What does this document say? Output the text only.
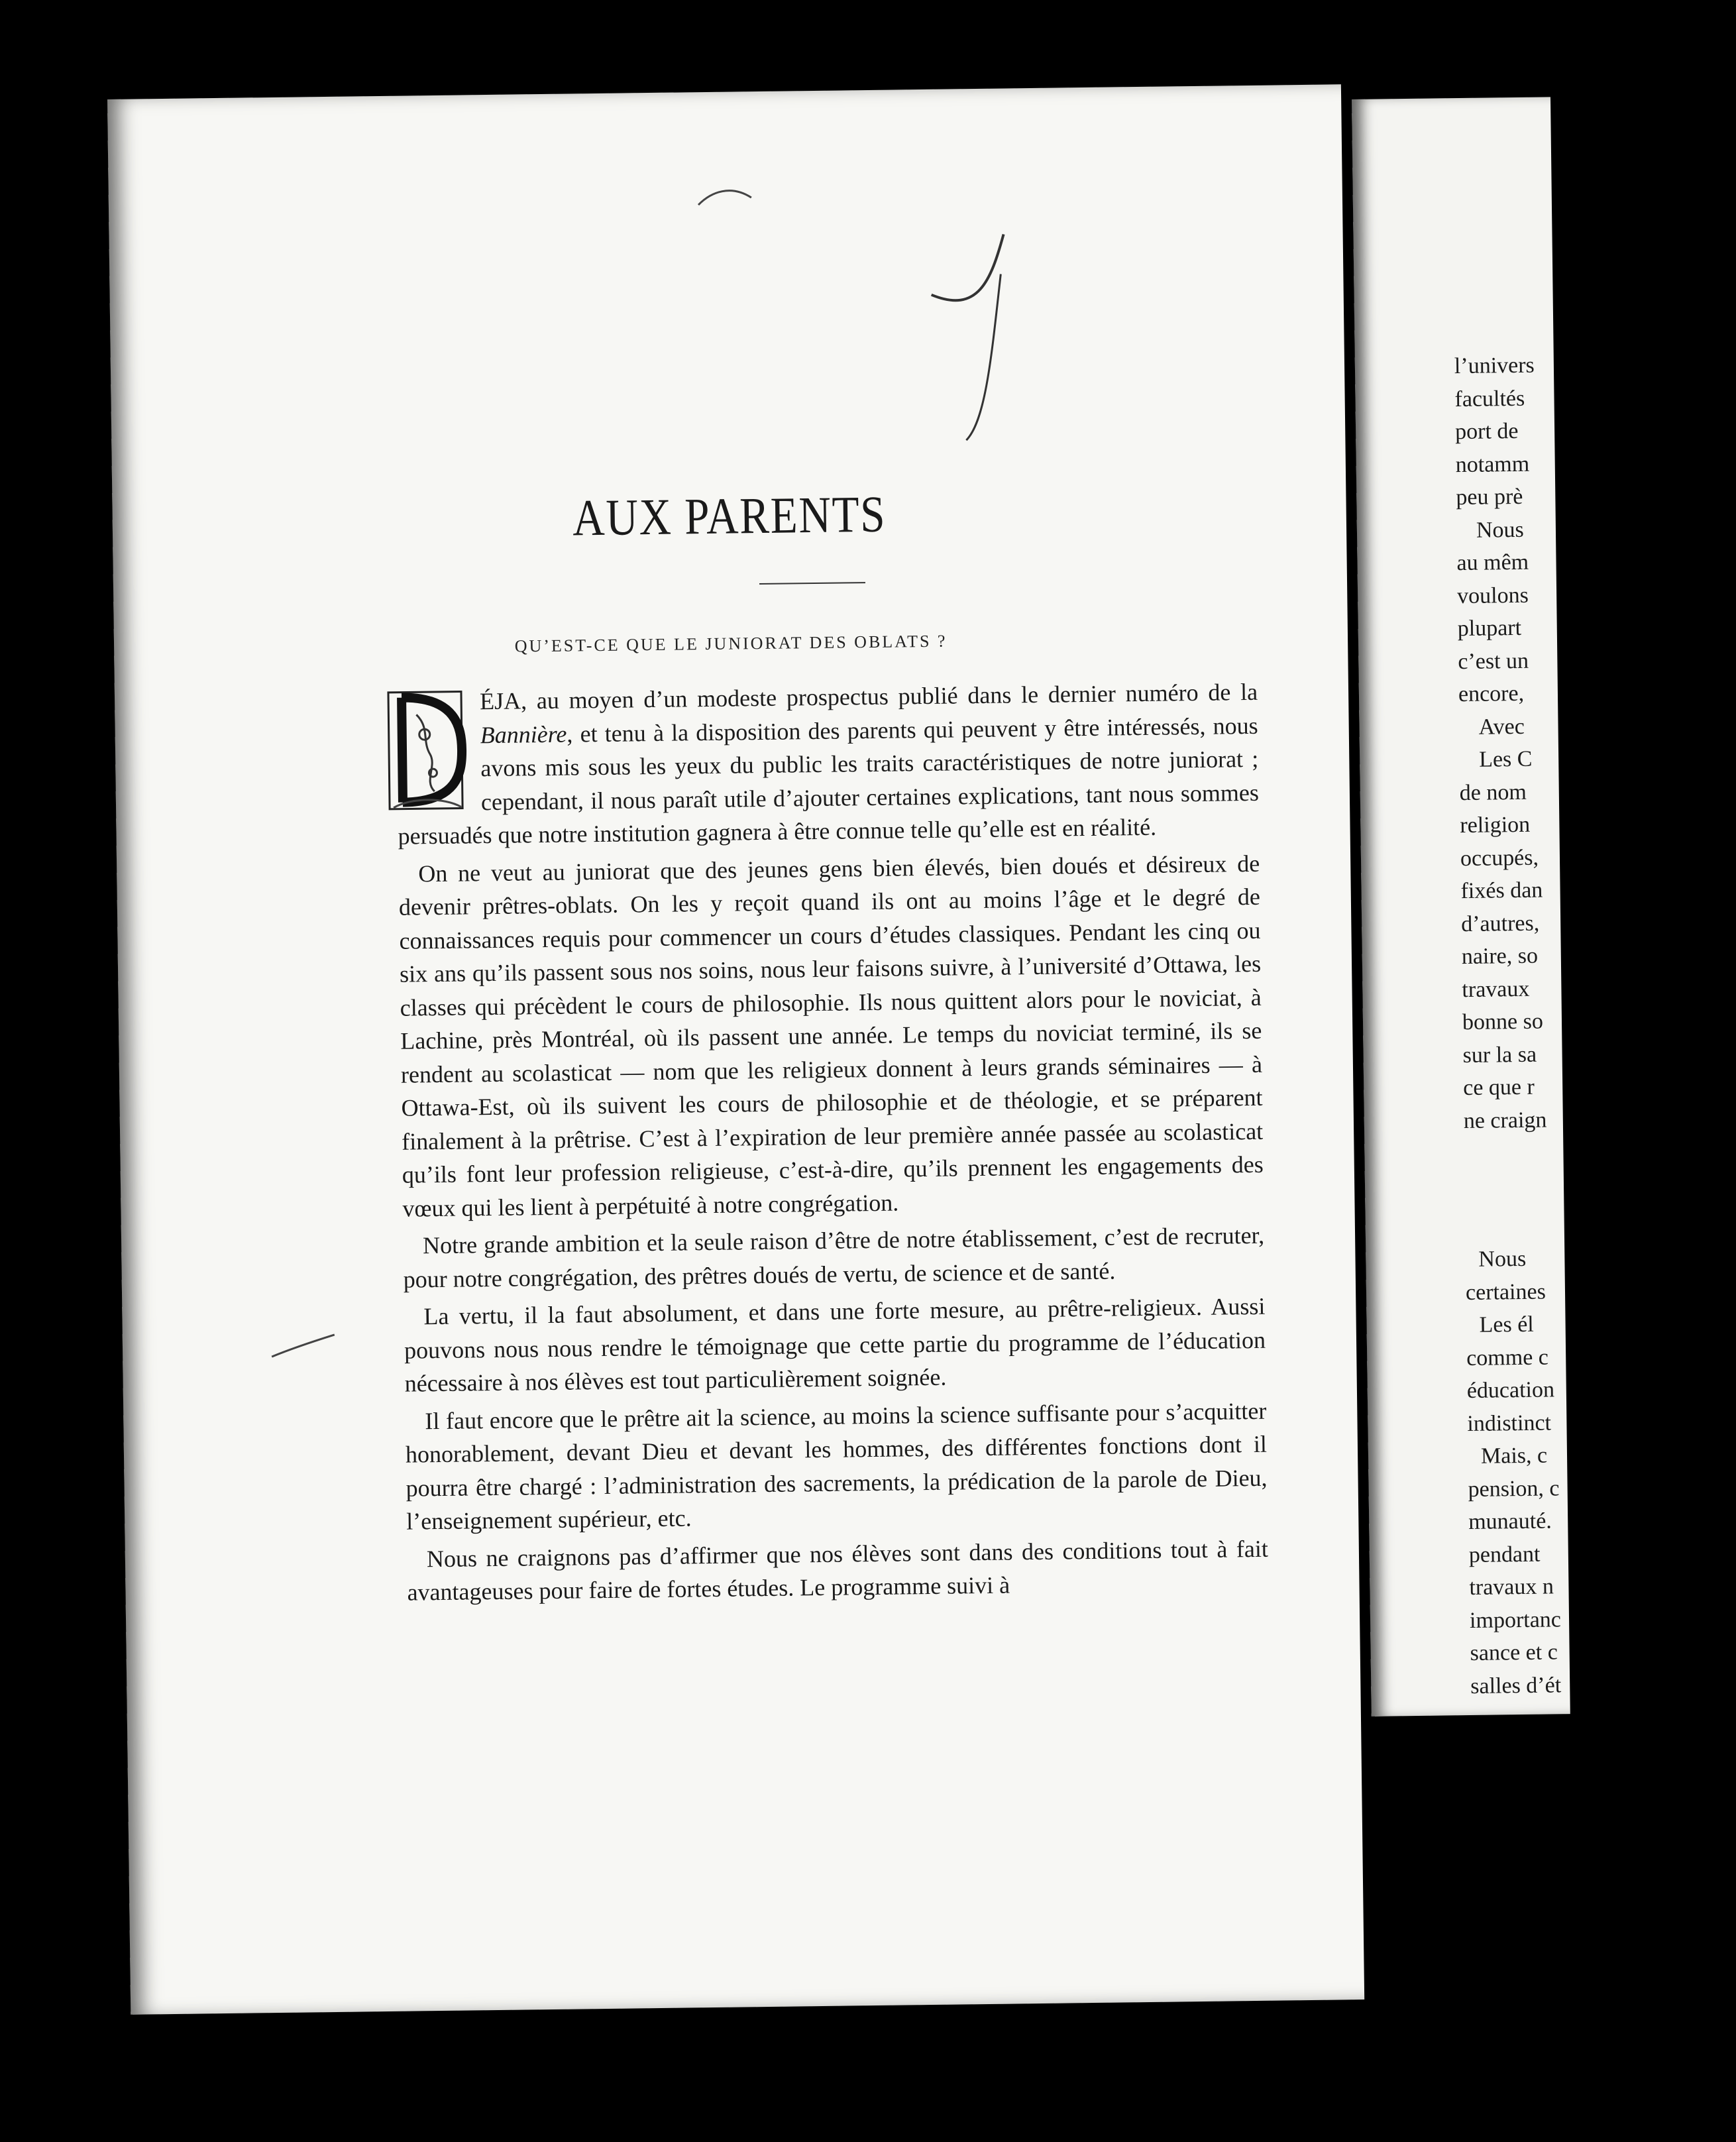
AUX PARENTS
QU’EST-CE QUE LE JUNIORAT DES OBLATS ?

ÉJA, au moyen d’un modeste prospectus publié dans le dernier numéro de la Bannière, et tenu à la disposition des parents qui peuvent y être intéressés, nous avons mis sous les yeux du public les traits caractéristiques de notre juniorat ; cependant, il nous paraît utile d’ajouter certaines explications, tant nous sommes persuadés que notre institution gagnera à être connue telle qu’elle est en réalité.

On ne veut au juniorat que des jeunes gens bien élevés, bien doués et désireux de devenir prêtres-oblats. On les y reçoit quand ils ont au moins l’âge et le degré de connaissances requis pour commencer un cours d’études classiques. Pendant les cinq ou six ans qu’ils passent sous nos soins, nous leur faisons suivre, à l’université d’Ottawa, les classes qui précèdent le cours de philosophie. Ils nous quittent alors pour le noviciat, à Lachine, près Montréal, où ils passent une année. Le temps du noviciat terminé, ils se rendent au scolasticat — nom que les religieux donnent à leurs grands séminaires — à Ottawa-Est, où ils suivent les cours de philosophie et de théologie, et se préparent finalement à la prêtrise. C’est à l’expiration de leur première année passée au scolasticat qu’ils font leur profession religieuse, c’est-à-dire, qu’ils prennent les engagements des vœux qui les lient à perpétuité à notre congrégation.

Notre grande ambition et la seule raison d’être de notre établissement, c’est de recruter, pour notre congrégation, des prêtres doués de vertu, de science et de santé.

La vertu, il la faut absolument, et dans une forte mesure, au prêtre-religieux. Aussi pouvons nous nous rendre le témoignage que cette partie du programme de l’éducation nécessaire à nos élèves est tout particulièrement soignée.

Il faut encore que le prêtre ait la science, au moins la science suffisante pour s’acquitter honorablement, devant Dieu et devant les hommes, des différentes fonctions dont il pourra être chargé : l’administration des sacrements, la prédication de la parole de Dieu, l’enseignement supérieur, etc.

Nous ne craignons pas d’affirmer que nos élèves sont dans des conditions tout à fait avantageuses pour faire de fortes études. Le programme suivi à

l’univers
facultés
port de
notamm
peu prè
Nous
au mêm
voulons
plupart
c’est un
encore,
Avec
Les C
de nom
religion
occupés,
fixés dan
d’autres,
naire, so
travaux
bonne so
sur la sa
ce que r
ne craign
Nous
certaines
Les él
comme c
éducation
indistinct
Mais, c
pension, c
munauté.
pendant
travaux n
importanc
sance et c
salles d’ét
